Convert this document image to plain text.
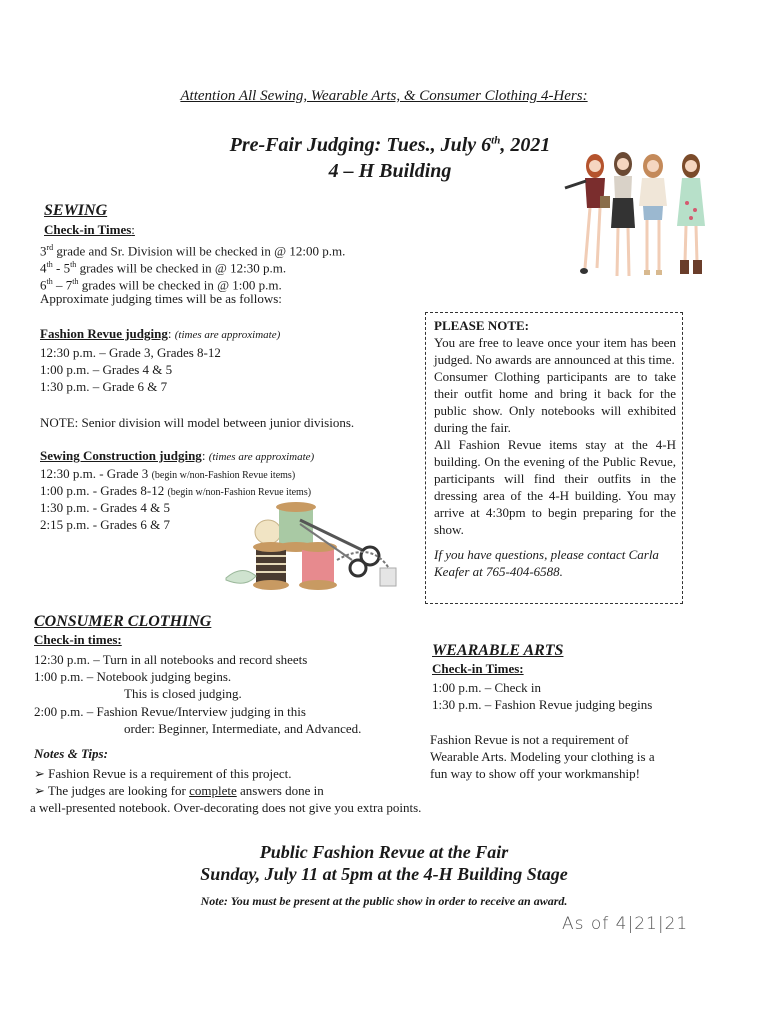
Attention All Sewing, Wearable Arts, & Consumer Clothing 4-Hers:
Pre-Fair Judging: Tues., July 6th, 2021
4 – H Building
SEWING
Check-in Times:
3rd grade and Sr. Division will be checked in @ 12:00 p.m.
4th - 5th grades will be checked in @ 12:30 p.m.
6th – 7th grades will be checked in @ 1:00 p.m.
Approximate judging times will be as follows:
Fashion Revue judging: (times are approximate)
12:30 p.m. – Grade 3, Grades 8-12
1:00 p.m. – Grades 4 & 5
1:30 p.m. – Grade 6 & 7
NOTE: Senior division will model between junior divisions.
Sewing Construction judging: (times are approximate)
12:30 p.m. - Grade 3 (begin w/non-Fashion Revue items)
1:00 p.m. - Grades 8-12 (begin w/non-Fashion Revue items)
1:30 p.m. - Grades 4 & 5
2:15 p.m. - Grades 6 & 7

PLEASE NOTE:

You are free to leave once your item has been judged. No awards are announced at this time.

Consumer Clothing participants are to take their outfit home and bring it back for the public show. Only notebooks will exhibited during the fair.

All Fashion Revue items stay at the 4-H building. On the evening of the Public Revue, participants will find their outfits in the dressing area of the 4-H building. You may arrive at 4:30pm to begin preparing for the show.

If you have questions, please contact Carla Keafer at 765-404-6588.

CONSUMER CLOTHING
Check-in times:
12:30 p.m. – Turn in all notebooks and record sheets
1:00 p.m. – Notebook judging begins.
This is closed judging.
2:00 p.m. – Fashion Revue/Interview judging in this
order: Beginner, Intermediate, and Advanced.
Notes & Tips:
➢ Fashion Revue is a requirement of this project.
➢ The judges are looking for complete answers done in
a well-presented notebook. Over-decorating does not give you extra points.
WEARABLE ARTS
Check-in Times:
1:00 p.m. – Check in
1:30 p.m. – Fashion Revue judging begins
Fashion Revue is not a requirement of
Wearable Arts. Modeling your clothing is a
fun way to show off your workmanship!
Public Fashion Revue at the Fair
Sunday, July 11 at 5pm at the 4-H Building Stage
Note: You must be present at the public show in order to receive an award.
As of 4|21|21
